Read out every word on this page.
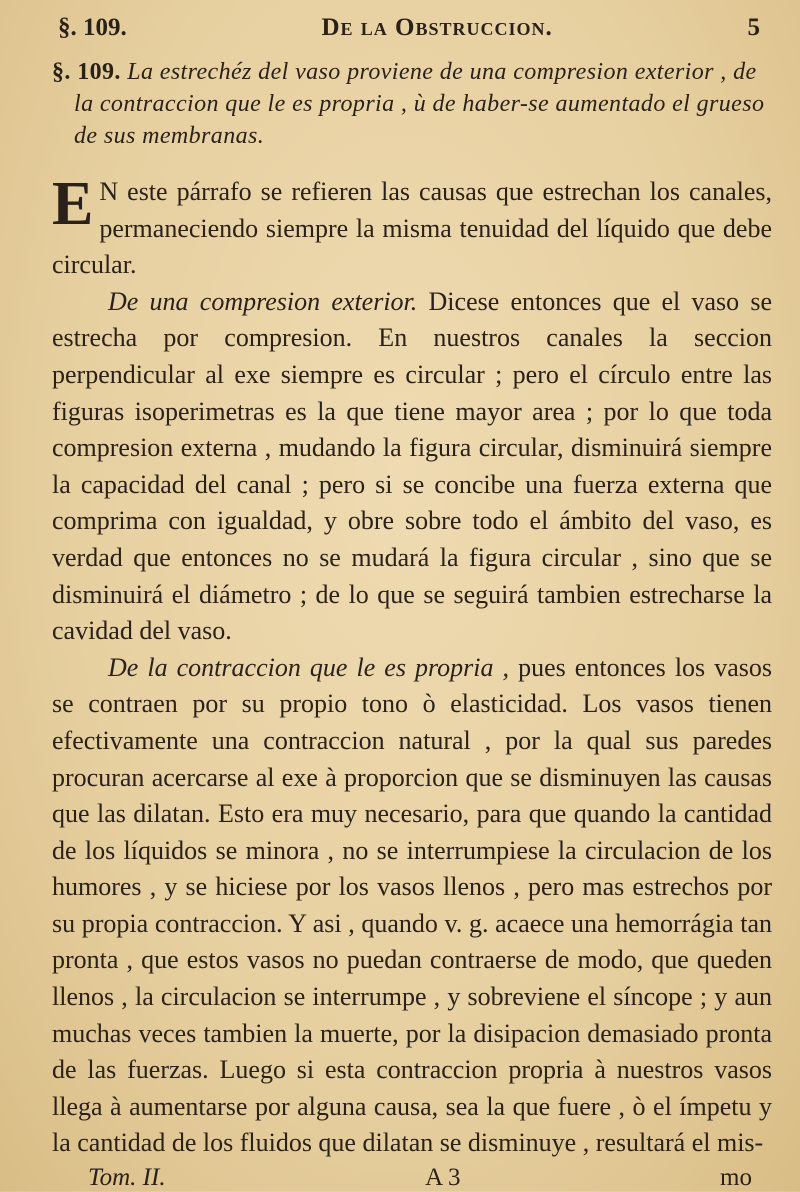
§. 109.	De la Obstruccion.	5

§. 109. La estrechéz del vaso proviene de una compresion exterior , de la contraccion que le es propria , ù de haber-se aumentado el grueso de sus membranas.

E N este párrafo se refieren las causas que estrechan los canales, permaneciendo siempre la misma tenuidad del líquido que debe circular.

De una compresion exterior. Dicese entonces que el vaso se estrecha por compresion. En nuestros canales la seccion perpendicular al exe siempre es circular ; pero el círculo entre las figuras isoperimetras es la que tiene mayor area ; por lo que toda compresion externa , mudando la figura circular, disminuirá siempre la capacidad del canal ; pero si se concibe una fuerza externa que comprima con igualdad, y obre sobre todo el ámbito del vaso, es verdad que entonces no se mudará la figura circular , sino que se disminuirá el diámetro ; de lo que se seguirá tambien estrecharse la cavidad del vaso.

De la contraccion que le es propria , pues entonces los vasos se contraen por su propio tono ò elasticidad. Los vasos tienen efectivamente una contraccion natural , por la qual sus paredes procuran acercarse al exe à proporcion que se disminuyen las causas que las dilatan. Esto era muy necesario, para que quando la cantidad de los líquidos se minora , no se interrumpiese la circulacion de los humores , y se hiciese por los vasos llenos , pero mas estrechos por su propia contraccion. Y asi , quando v. g. acaece una hemorrágia tan pronta , que estos vasos no puedan contraerse de modo, que queden llenos , la circulacion se interrumpe , y sobreviene el síncope ; y aun muchas veces tambien la muerte, por la disipacion demasiado pronta de las fuerzas. Luego si esta contraccion propria à nuestros vasos llega à aumentarse por alguna causa, sea la que fuere , ò el ímpetu y la cantidad de los fluidos que dilatan se disminuye , resultará el mis-

Tom. II.	A 3	mo
